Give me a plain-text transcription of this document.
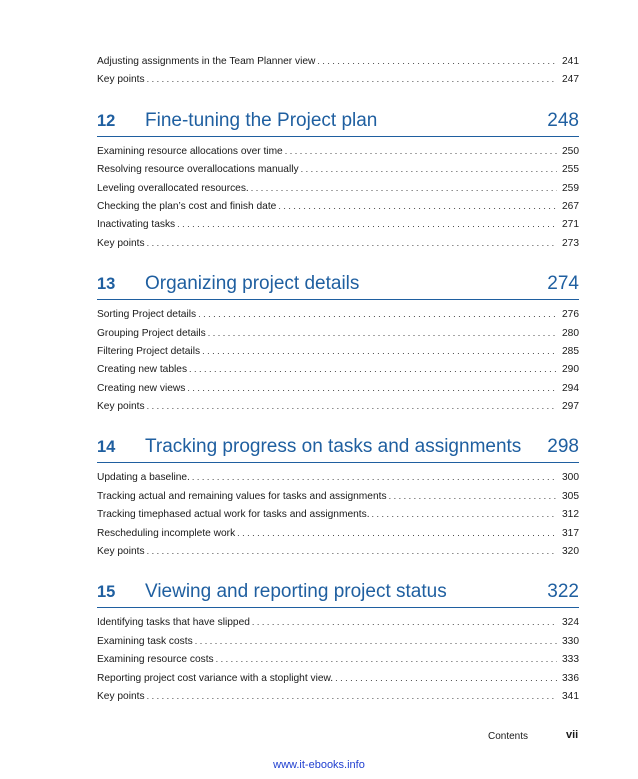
Adjusting assignments in the Team Planner view . . .	241
Key points . . .	247
12	Fine-tuning the Project plan	248
Examining resource allocations over time . . .	250
Resolving resource overallocations manually . . .	255
Leveling overallocated resources. . . .	259
Checking the plan’s cost and finish date . . .	267
Inactivating tasks . . .	271
Key points . . .	273
13	Organizing project details	274
Sorting Project details . . .	276
Grouping Project details . . .	280
Filtering Project details . . .	285
Creating new tables . . .	290
Creating new views . . .	294
Key points . . .	297
14	Tracking progress on tasks and assignments	298
Updating a baseline. . . .	300
Tracking actual and remaining values for tasks and assignments . . .	305
Tracking timephased actual work for tasks and assignments. . . .	312
Rescheduling incomplete work . . .	317
Key points . . .	320
15	Viewing and reporting project status	322
Identifying tasks that have slipped . . .	324
Examining task costs . . .	330
Examining resource costs . . .	333
Reporting project cost variance with a stoplight view. . . .	336
Key points . . .	341
Contents	vii
www.it-ebooks.info
